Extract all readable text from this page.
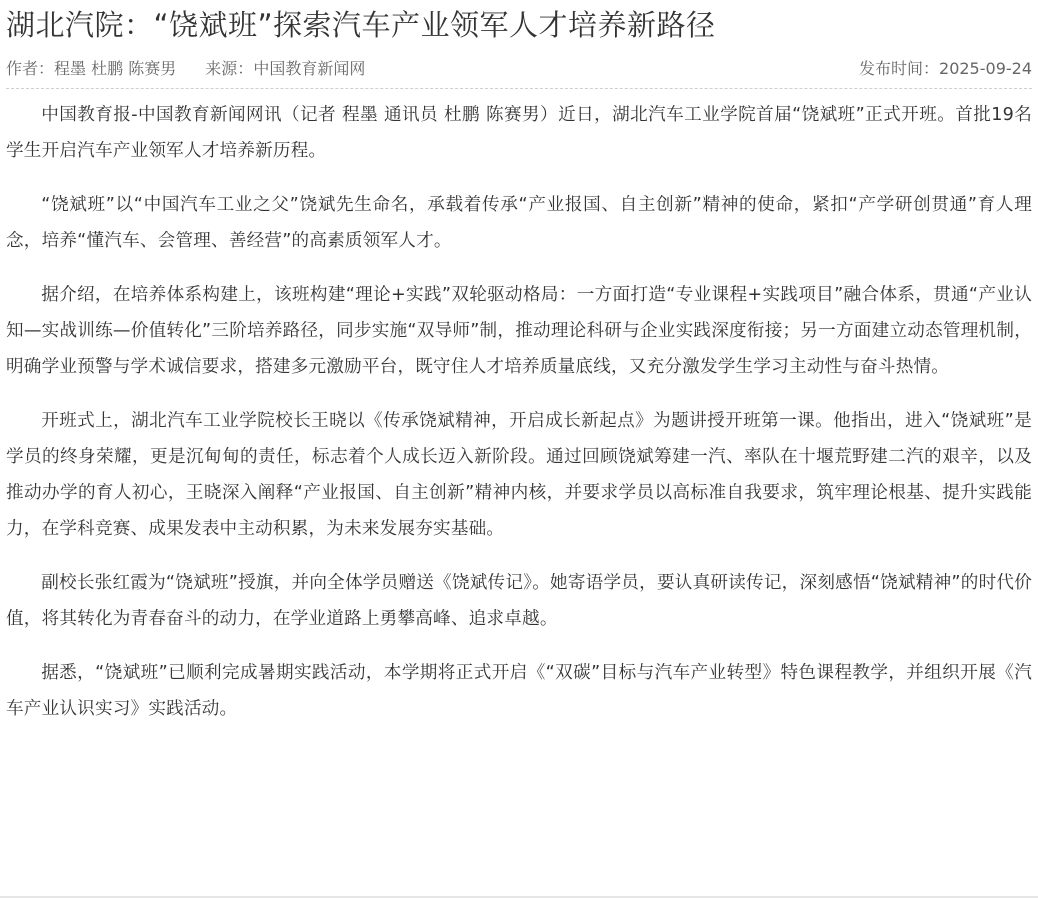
湖北汽院：“饶斌班”探索汽车产业领军人才培养新路径
作者：程墨 杜鹏 陈赛男 来源：中国教育新闻网	发布时间：2025-09-24

中国教育报-中国教育新闻网讯（记者 程墨 通讯员 杜鹏 陈赛男）近日，湖北汽车工业学院首届“饶斌班”正式开班。首批19名学生开启汽车产业领军人才培养新历程。

“饶斌班”以“中国汽车工业之父”饶斌先生命名，承载着传承“产业报国、自主创新”精神的使命，紧扣“产学研创贯通”育人理念，培养“懂汽车、会管理、善经营”的高素质领军人才。

据介绍，在培养体系构建上，该班构建“理论+实践”双轮驱动格局：一方面打造“专业课程+实践项目”融合体系，贯通“产业认知—实战训练—价值转化”三阶培养路径，同步实施“双导师”制，推动理论科研与企业实践深度衔接；另一方面建立动态管理机制，明确学业预警与学术诚信要求，搭建多元激励平台，既守住人才培养质量底线，又充分激发学生学习主动性与奋斗热情。

开班式上，湖北汽车工业学院校长王晓以《传承饶斌精神，开启成长新起点》为题讲授开班第一课。他指出，进入“饶斌班”是学员的终身荣耀，更是沉甸甸的责任，标志着个人成长迈入新阶段。通过回顾饶斌筹建一汽、率队在十堰荒野建二汽的艰辛，以及推动办学的育人初心，王晓深入阐释“产业报国、自主创新”精神内核，并要求学员以高标准自我要求，筑牢理论根基、提升实践能力，在学科竞赛、成果发表中主动积累，为未来发展夯实基础。

副校长张红霞为“饶斌班”授旗，并向全体学员赠送《饶斌传记》。她寄语学员，要认真研读传记，深刻感悟“饶斌精神”的时代价值，将其转化为青春奋斗的动力，在学业道路上勇攀高峰、追求卓越。

据悉，“饶斌班”已顺利完成暑期实践活动，本学期将正式开启《“双碳”目标与汽车产业转型》特色课程教学，并组织开展《汽车产业认识实习》实践活动。
